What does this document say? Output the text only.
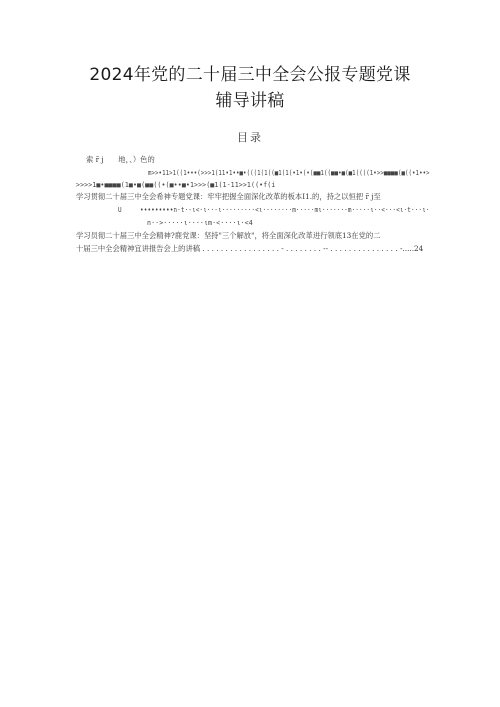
2024年党的二十届三中全会公报专题党课
辅导讲稿
目录
索 r̃ j　　地，、）色的
m>>•11>1((1•••(>>>1(11•1••■•(((1(1((■1(1(•1•(•(■■1((■■•■(■1((((1•>>■■■■(■((•1••>
>>>>1■•■■■■(1■•■(■■((•(■••■•1>>>(■1(1-11>>1((•f(i
学习贯彻二十届三中全会希神专题党课：牢牢把握全面深化改革的板本I1.的，持之以恒把 r̃ j至
U　　　•••••••••n·t·-ι<·ι···ι·········<ι········m·····mι·······m·····ι··<···<ι·t···ι·
n··>·····ι····ιm·<····ι·<4
学习员彻二十届三中全会精神?鹿党课：坚持"三个解放"，将全面深化改革进行领底13在党的二
十届三中全会精神宜讲报告会上的讲稿 . . . . . . . . . . . . . . . . . - . . . . . . . . -- . . . . . . . . . . . . . . . -.....24
